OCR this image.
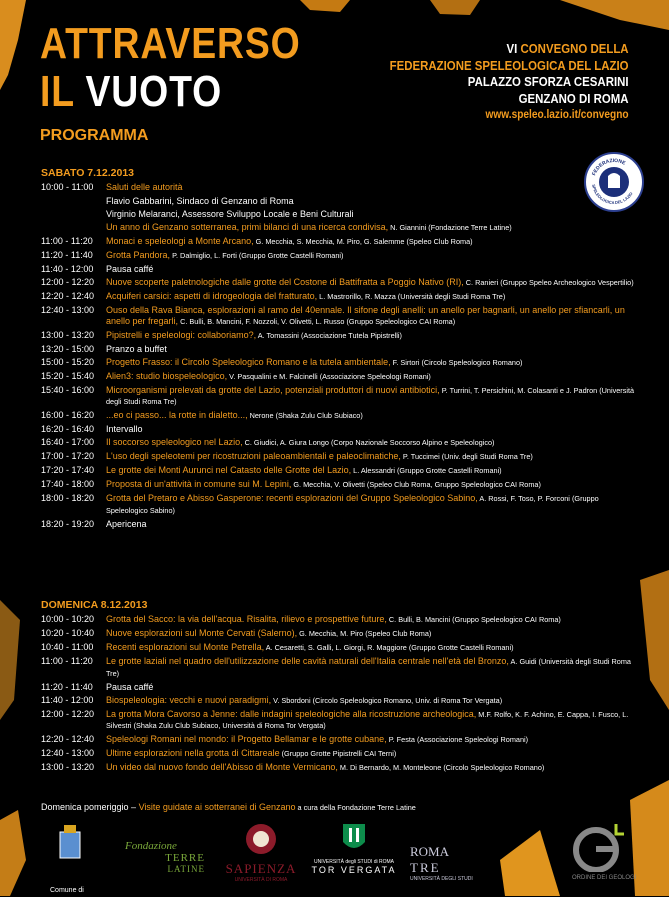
ATTRAVERSO
IL VUOTO
PROGRAMMA
VI CONVEGNO DELLA
FEDERAZIONE SPELEOLOGICA DEL LAZIO
PALAZZO SFORZA CESARINI
GENZANO DI ROMA
www.speleo.lazio.it/convegno
FEDERAZIONE
SPELEOLOGICA DEL LAZIO
SABATO 7.12.2013
10:00 - 11:00	Saluti delle autorità
Flavio Gabbarini, Sindaco di Genzano di Roma
Virginio Melaranci, Assessore Sviluppo Locale e Beni Culturali
Un anno di Genzano sotterranea, primi bilanci di una ricerca condivisa, N. Giannini (Fondazione Terre Latine)
11:00 - 11:20	Monaci e speleologi a Monte Arcano, G. Mecchia, S. Mecchia, M. Piro, G. Salemme (Speleo Club Roma)
11:20 - 11:40	Grotta Pandora, P. Dalmiglio, L. Forti (Gruppo Grotte Castelli Romani)
11:40 - 12:00	Pausa caffé
12:00 - 12:20	Nuove scoperte paletnologiche dalle grotte del Costone di Battifratta a Poggio Nativo (RI), C. Ranieri (Gruppo Speleo Archeologico Vespertilio)
12:20 - 12:40	Acquiferi carsici: aspetti di idrogeologia del fratturato, L. Mastrorillo, R. Mazza (Università degli Studi Roma Tre)
12:40 - 13:00	Ouso della Rava Bianca, esplorazioni al ramo del 40ennale. Il sifone degli anelli: un anello per bagnarli, un anello per sfiancarli, un anello per fregarli, C. Bulli, B. Mancini, F. Nozzoli, V. Olivetti, L. Russo (Gruppo Speleologico CAI Roma)
13:00 - 13:20	Pipistrelli e speleologi: collaboriamo?, A. Tomassini (Associazione Tutela Pipistrelli)
13:20 - 15:00	Pranzo a buffet
15:00 - 15:20	Progetto Frasso: il Circolo Speleologico Romano e la tutela ambientale, F. Sirtori (Circolo Speleologico Romano)
15:20 - 15:40	Alien3: studio biospeleologico, V. Pasqualini e M. Falcinelli (Associazione Speleologi Romani)
15:40 - 16:00	Microorganismi prelevati da grotte del Lazio, potenziali produttori di nuovi antibiotici, P. Turrini, T. Persichini, M. Colasanti e J. Padron (Università degli Studi Roma Tre)
16:00 - 16:20	...eo ci passo... la rotte in dialetto..., Nerone (Shaka Zulu Club Subiaco)
16:20 - 16:40	Intervallo
16:40 - 17:00	Il soccorso speleologico nel Lazio, C. Giudici, A. Giura Longo (Corpo Nazionale Soccorso Alpino e Speleologico)
17:00 - 17:20	L'uso degli speleotemi per ricostruzioni paleoambientali e paleoclimatiche, P. Tuccimei (Univ. degli Studi Roma Tre)
17:20 - 17:40	Le grotte dei Monti Aurunci nel Catasto delle Grotte del Lazio, L. Alessandri (Gruppo Grotte Castelli Romani)
17:40 - 18:00	Proposta di un'attività in comune sui M. Lepini, G. Mecchia, V. Olivetti (Speleo Club Roma, Gruppo Speleologico CAI Roma)
18:00 - 18:20	Grotta del Pretaro e Abisso Gasperone: recenti esplorazioni del Gruppo Speleologico Sabino, A. Rossi, F. Toso, P. Forconi (Gruppo Speleologico Sabino)
18:20 - 19:20	Apericena
DOMENICA 8.12.2013
10:00 - 10:20	Grotta del Sacco: la via dell'acqua. Risalita, rilievo e prospettive future, C. Bulli, B. Mancini (Gruppo Speleologico CAI Roma)
10:20 - 10:40	Nuove esplorazioni sul Monte Cervati (Salerno), G. Mecchia, M. Piro (Speleo Club Roma)
10:40 - 11:00	Recenti esplorazioni sul Monte Petrella, A. Cesaretti, S. Galli, L. Giorgi, R. Maggiore (Gruppo Grotte Castelli Romani)
11:00 - 11:20	Le grotte laziali nel quadro dell'utilizzazione delle cavità naturali dell'Italia centrale nell'età del Bronzo, A. Guidi (Università degli Studi Roma Tre)
11:20 - 11:40	Pausa caffé
11:40 - 12:00	Biospeleologia: vecchi e nuovi paradigmi, V. Sbordoni (Circolo Speleologico Romano, Univ. di Roma Tor Vergata)
12:00 - 12:20	La grotta Mora Cavorso a Jenne: dalle indagini speleologiche alla ricostruzione archeologica, M.F. Rolfo, K. F. Achino, E. Cappa, I. Fusco, L. Silvestri (Shaka Zulu Club Subiaco, Università di Roma Tor Vergata)
12:20 - 12:40	Speleologi Romani nel mondo: il Progetto Bellamar e le grotte cubane, P. Festa (Associazione Speleologi Romani)
12:40 - 13:00	Ultime esplorazioni nella grotta di Cittareale (Gruppo Grotte Pipistrelli CAI Terni)
13:00 - 13:20	Un video dal nuovo fondo dell'Abisso di Monte Vermicano, M. Di Bernardo, M. Monteleone (Circolo Speleologico Romano)
Domenica pomeriggio – Visite guidate ai sotterranei di Genzano a cura della Fondazione Terre Latine
Comune di
Fondazione
TERRE
LATINE SAPIENZA
UNIVERSITÀ DI ROMA
UNIVERSITÀ degli STUDI di ROMA
TOR VERGATA
ROMA
TRE
UNIVERSITÀ DEGLI STUDI	ORDINE DEI GEOLOGI
